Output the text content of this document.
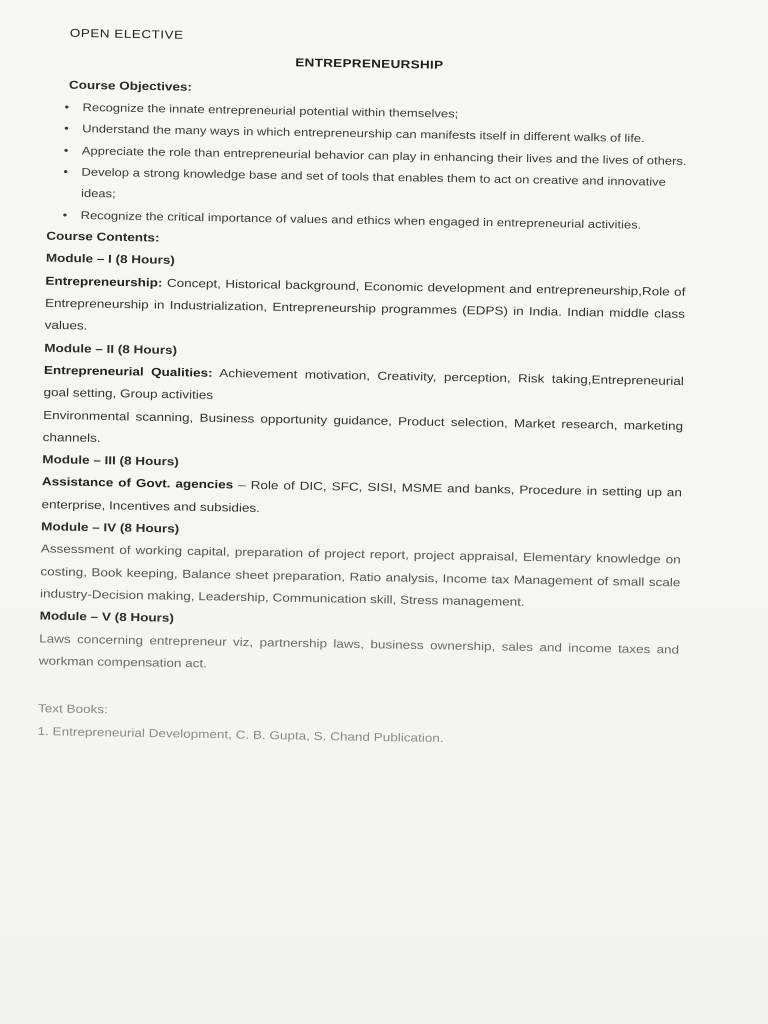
OPEN ELECTIVE
ENTREPRENEURSHIP
Course Objectives:
• Recognize the innate entrepreneurial potential within themselves;
• Understand the many ways in which entrepreneurship can manifests itself in different walks of life.
• Appreciate the role than entrepreneurial behavior can play in enhancing their lives and the lives of others.
• Develop a strong knowledge base and set of tools that enables them to act on creative and innovative ideas;
• Recognize the critical importance of values and ethics when engaged in entrepreneurial activities.
Course Contents:
Module – I (8 Hours)

Entrepreneurship: Concept, Historical background, Economic development and entrepreneurship,Role of Entrepreneurship in Industrialization, Entrepreneurship programmes (EDPS) in India. Indian middle class values.

Module – II (8 Hours)

Entrepreneurial Qualities: Achievement motivation, Creativity, perception, Risk taking,Entrepreneurial goal setting, Group activities

Environmental scanning, Business opportunity guidance, Product selection, Market research, marketing channels.

Module – III (8 Hours)

Assistance of Govt. agencies – Role of DIC, SFC, SISI, MSME and banks, Procedure in setting up an enterprise, Incentives and subsidies.

Module – IV (8 Hours)

Assessment of working capital, preparation of project report, project appraisal, Elementary knowledge on costing, Book keeping, Balance sheet preparation, Ratio analysis, Income tax Management of small scale industry-Decision making, Leadership, Communication skill, Stress management.

Module – V (8 Hours)

Laws concerning entrepreneur viz, partnership laws, business ownership, sales and income taxes and workman compensation act.

Text Books:
1. Entrepreneurial Development, C. B. Gupta, S. Chand Publication.
